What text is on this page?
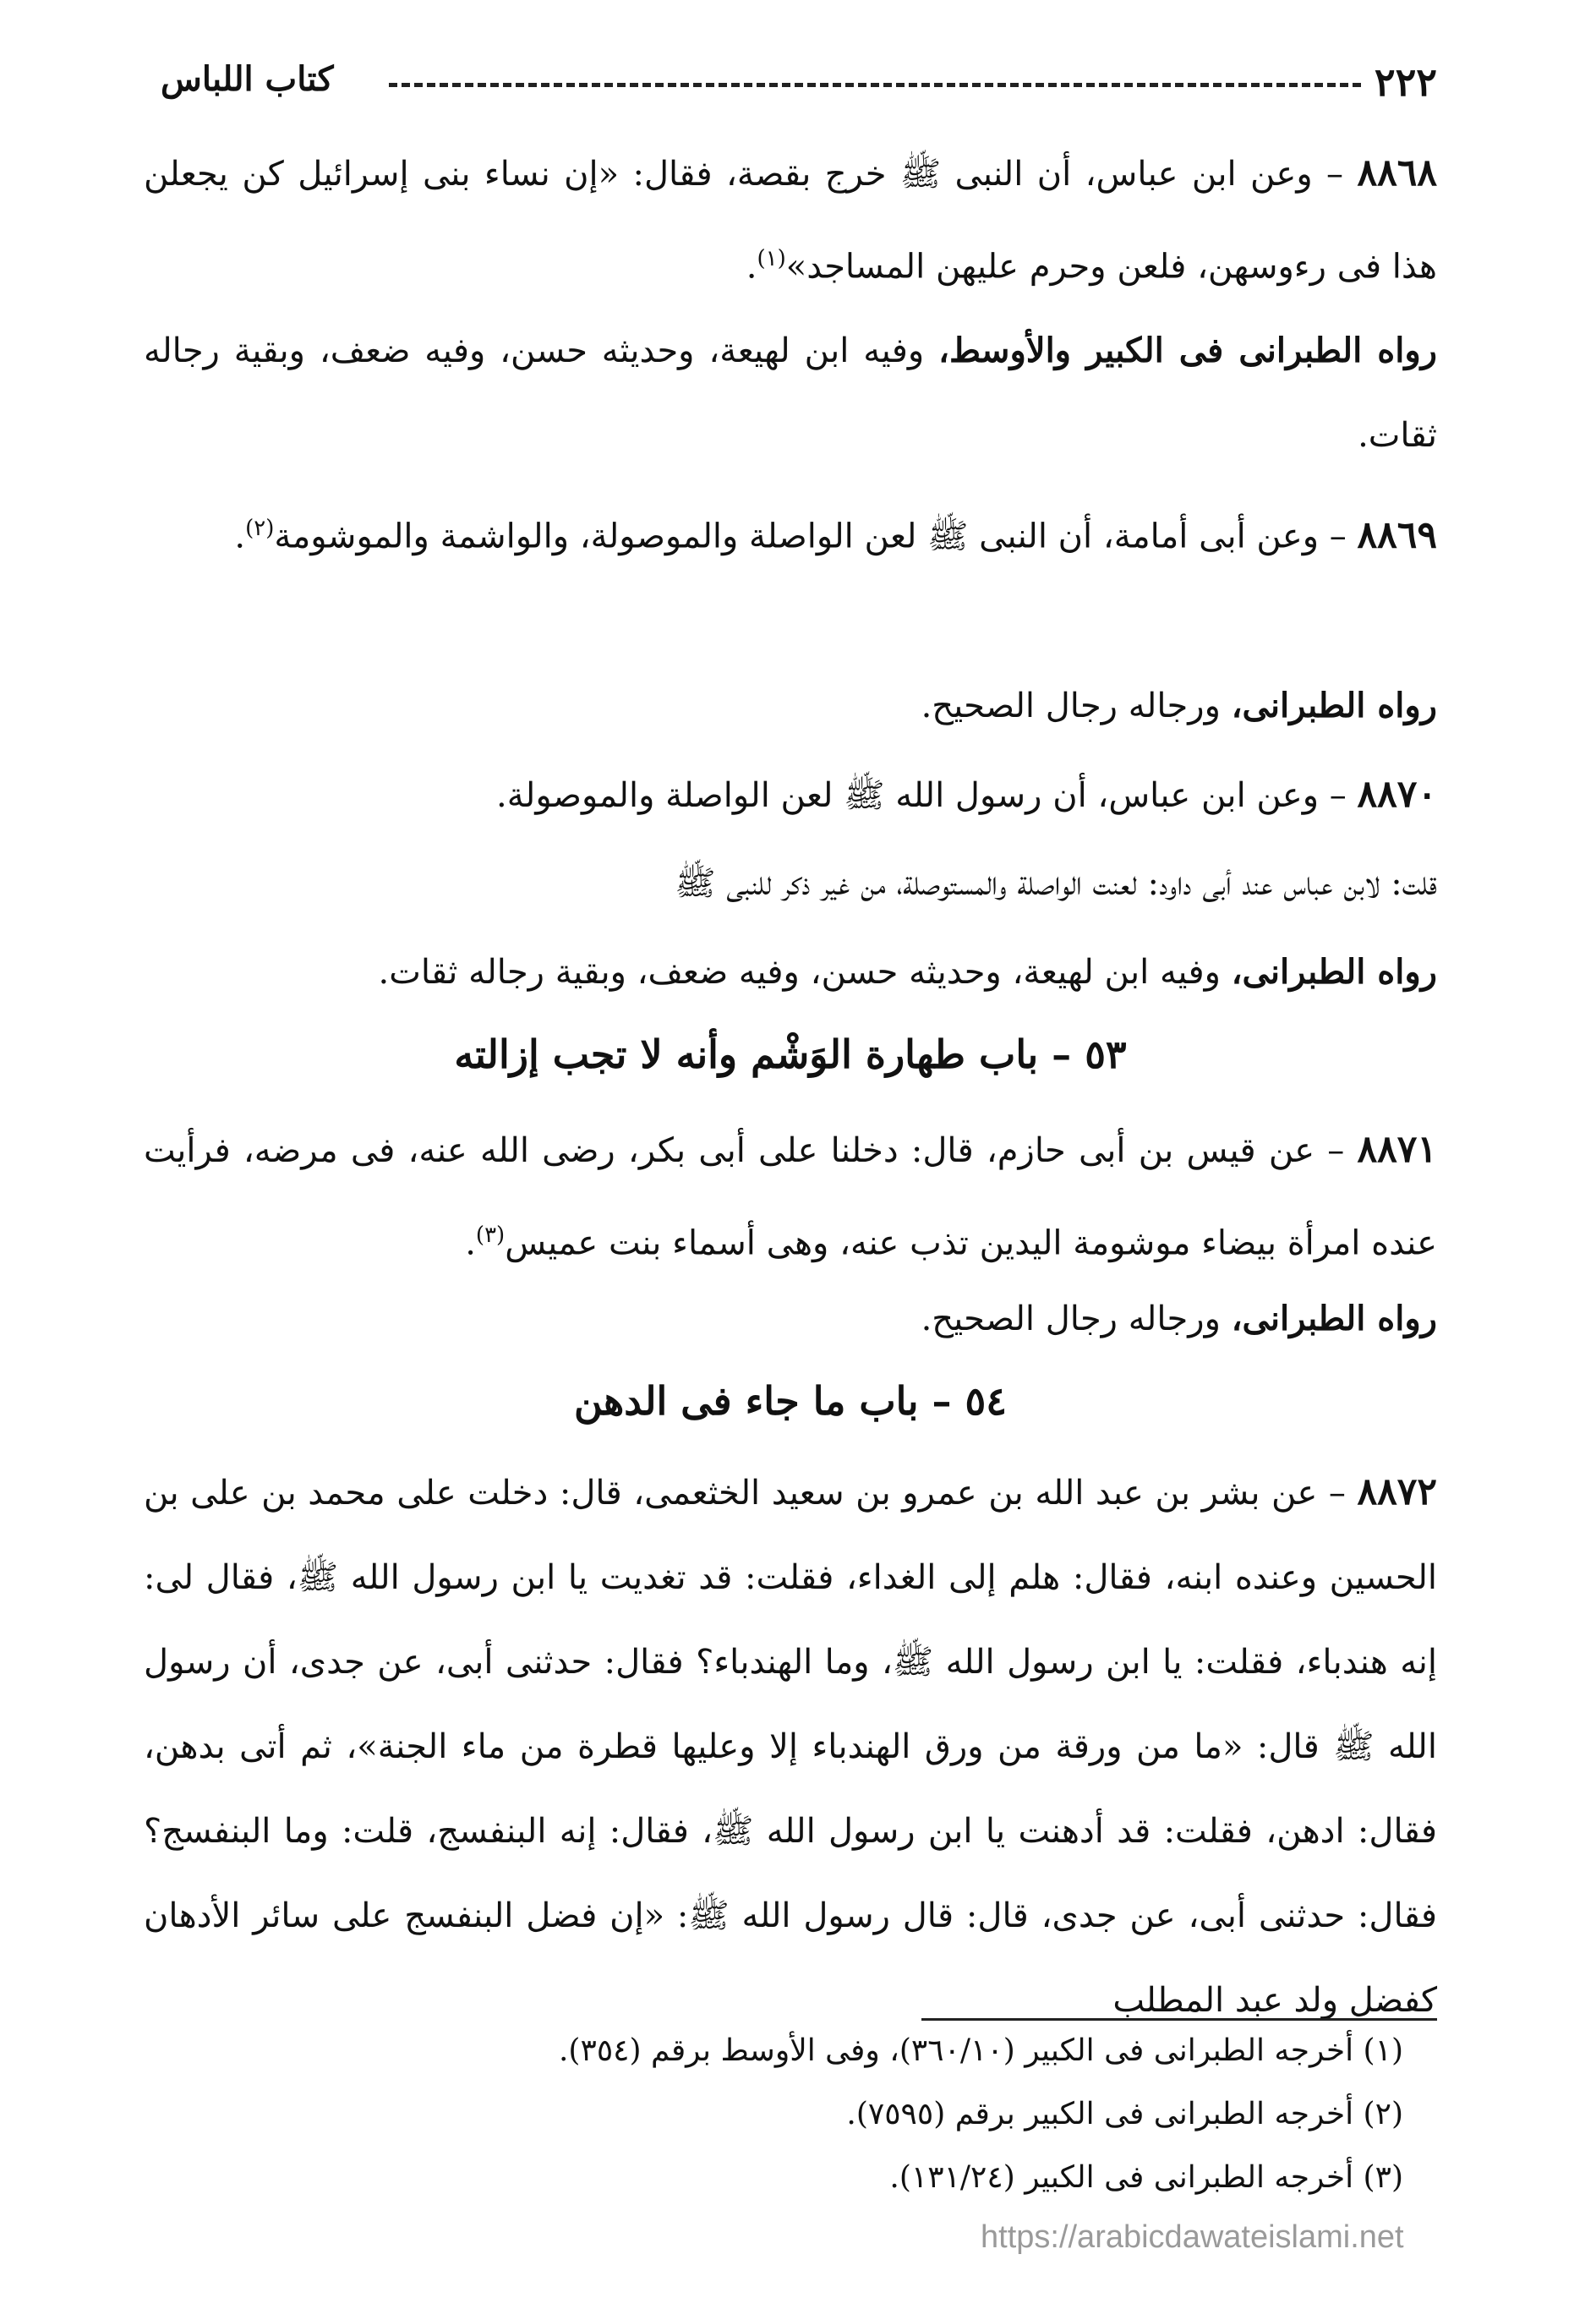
٢٢٢
كتاب اللباس
٨٨٦٨ – وعن ابن عباس، أن النبى ﷺ خرج بقصة، فقال: «إن نساء بنى إسرائيل كن يجعلن هذا فى رءوسهن، فلعن وحرم عليهن المساجد»$^{(١)}$.
رواه الطبرانى فى الكبير والأوسط، وفيه ابن لهيعة، وحديثه حسن، وفيه ضعف، وبقية رجاله ثقات.
٨٨٦٩ – وعن أبى أمامة، أن النبى ﷺ لعن الواصلة والموصولة، والواشمة والموشومة$^{(٢)}$.
رواه الطبرانى، ورجاله رجال الصحيح.
٨٨٧٠ – وعن ابن عباس، أن رسول الله ﷺ لعن الواصلة والموصولة.
قلت: لابن عباس عند أبى داود: لعنت الواصلة والمستوصلة، من غير ذكر للنبى ﷺ
رواه الطبرانى، وفيه ابن لهيعة، وحديثه حسن، وفيه ضعف، وبقية رجاله ثقات.
٥٣ – باب طهارة الوَشْم وأنه لا تجب إزالته
٨٨٧١ – عن قيس بن أبى حازم، قال: دخلنا على أبى بكر، رضى الله عنه، فى مرضه، فرأيت عنده امرأة بيضاء موشومة اليدين تذب عنه، وهى أسماء بنت عميس$^{(٣)}$.
رواه الطبرانى، ورجاله رجال الصحيح.
٥٤ – باب ما جاء فى الدهن
٨٨٧٢ – عن بشر بن عبد الله بن عمرو بن سعيد الخثعمى، قال: دخلت على محمد بن على بن الحسين وعنده ابنه، فقال: هلم إلى الغداء، فقلت: قد تغديت يا ابن رسول الله ﷺ، فقال لى: إنه هندباء، فقلت: يا ابن رسول الله ﷺ، وما الهندباء؟ فقال: حدثنى أبى، عن جدى، أن رسول الله ﷺ قال: «ما من ورقة من ورق الهندباء إلا وعليها قطرة من ماء الجنة»، ثم أتى بدهن، فقال: ادهن، فقلت: قد أدهنت يا ابن رسول الله ﷺ، فقال: إنه البنفسج، قلت: وما البنفسج؟ فقال: حدثنى أبى، عن جدى، قال: قال رسول الله ﷺ: «إن فضل البنفسج على سائر الأدهان كفضل ولد عبد المطلب
(١) أخرجه الطبرانى فى الكبير (٣٦٠/١٠)، وفى الأوسط برقم (٣٥٤).
(٢) أخرجه الطبرانى فى الكبير برقم (٧٥٩٥).
(٣) أخرجه الطبرانى فى الكبير (١٣١/٢٤).
https://arabicdawateislami.net
